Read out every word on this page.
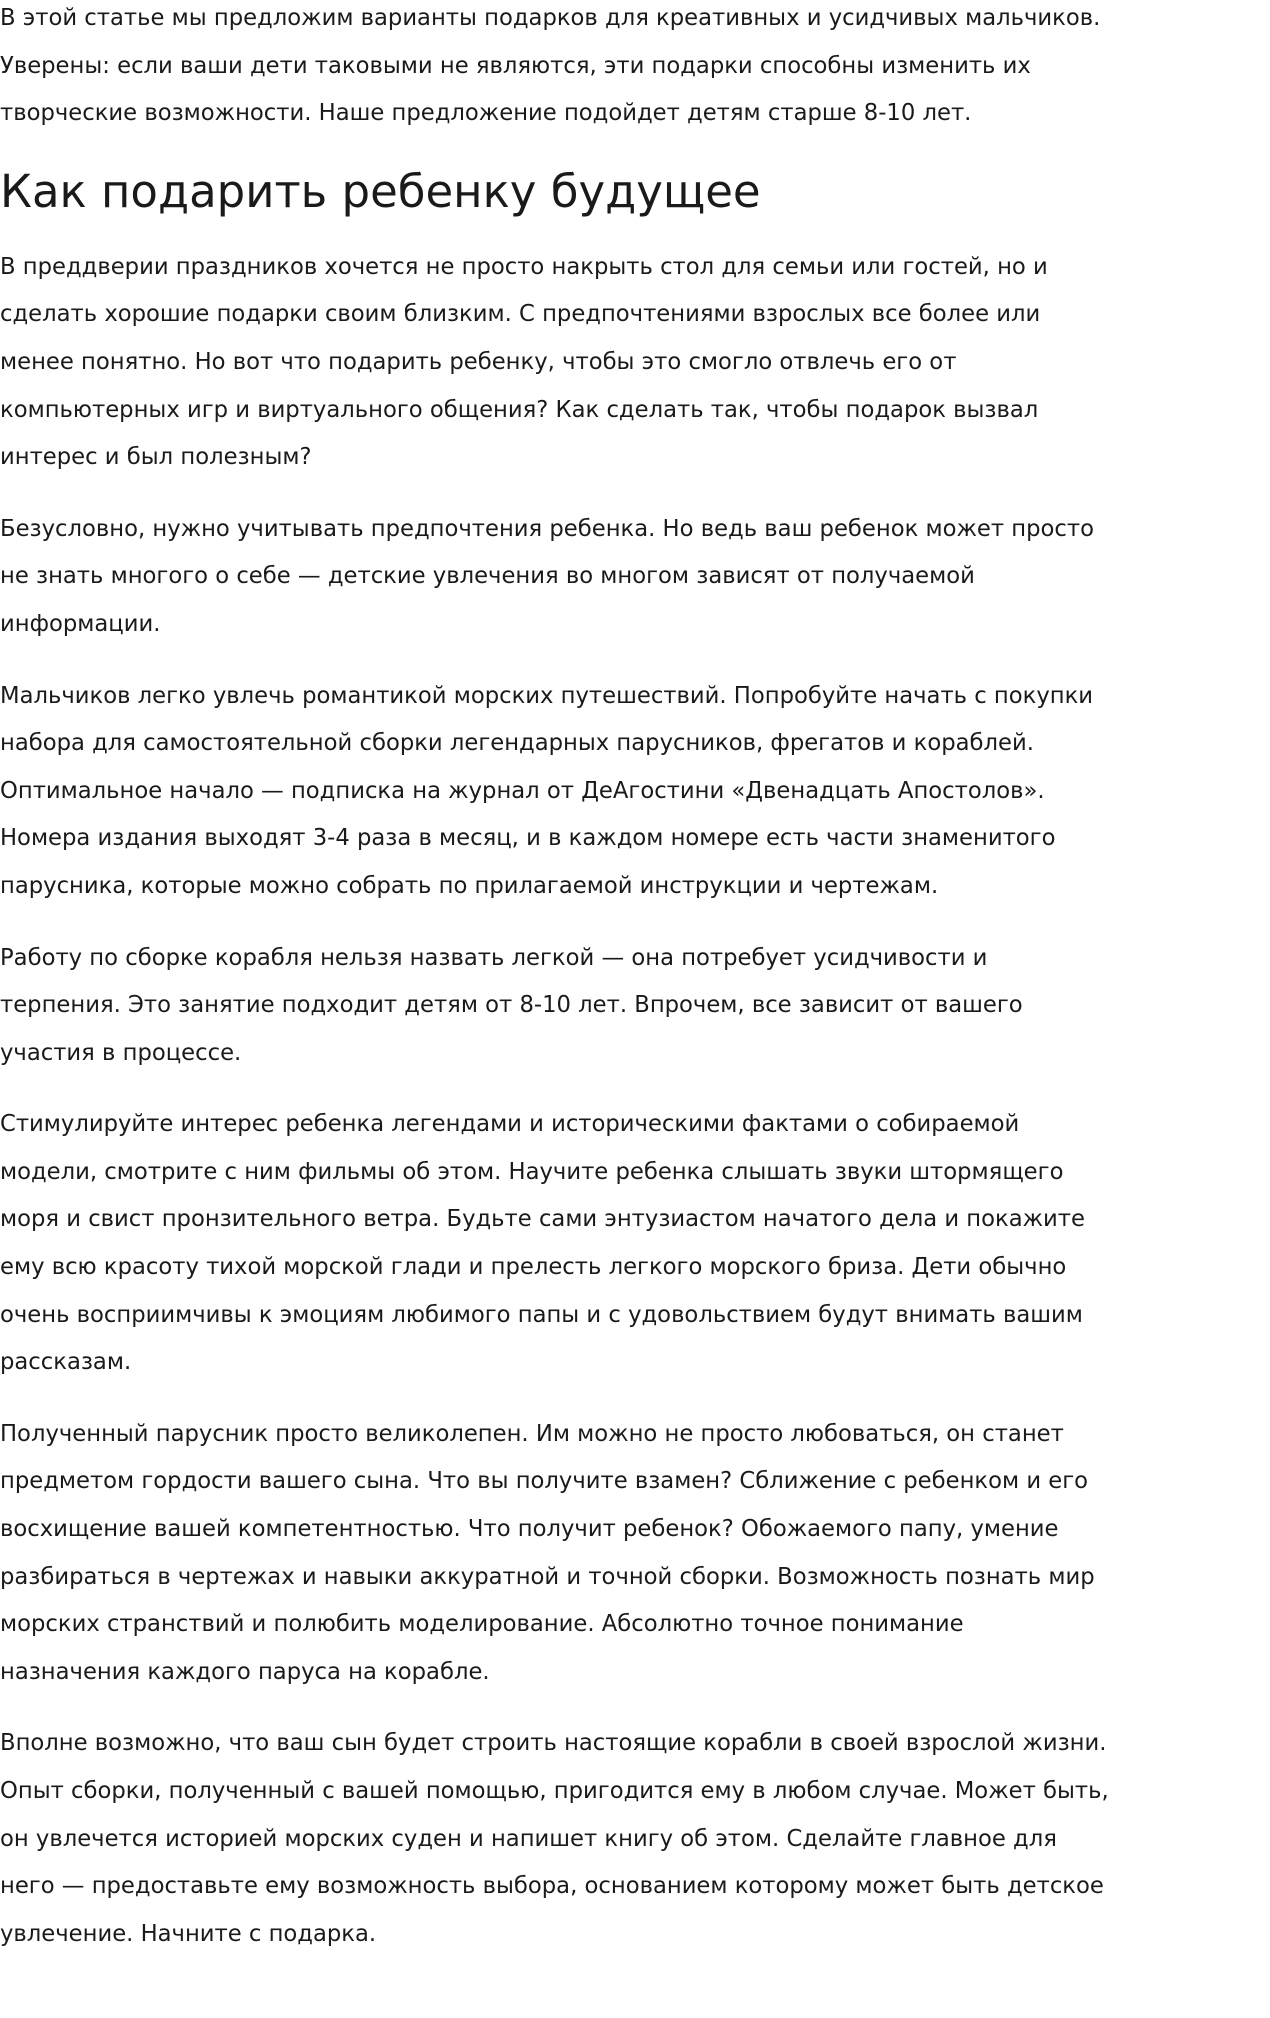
В этой статье мы предложим варианты подарков для креативных и усидчивых мальчиков.
Уверены: если ваши дети таковыми не являются, эти подарки способны изменить их
творческие возможности. Наше предложение подойдет детям старше 8-10 лет.

Как подарить ребенку будущее

В преддверии праздников хочется не просто накрыть стол для семьи или гостей, но и
сделать хорошие подарки своим близким. С предпочтениями взрослых все более или
менее понятно. Но вот что подарить ребенку, чтобы это смогло отвлечь его от
компьютерных игр и виртуального общения? Как сделать так, чтобы подарок вызвал
интерес и был полезным?

Безусловно, нужно учитывать предпочтения ребенка. Но ведь ваш ребенок может просто
не знать многого о себе — детские увлечения во многом зависят от получаемой
информации.

Мальчиков легко увлечь романтикой морских путешествий. Попробуйте начать с покупки
набора для самостоятельной сборки легендарных парусников, фрегатов и кораблей.
Оптимальное начало — подписка на журнал от ДеАгостини «Двенадцать Апостолов».
Номера издания выходят 3-4 раза в месяц, и в каждом номере есть части знаменитого
парусника, которые можно собрать по прилагаемой инструкции и чертежам.

Работу по сборке корабля нельзя назвать легкой — она потребует усидчивости и
терпения. Это занятие подходит детям от 8-10 лет. Впрочем, все зависит от вашего
участия в процессе.

Стимулируйте интерес ребенка легендами и историческими фактами о собираемой
модели, смотрите с ним фильмы об этом. Научите ребенка слышать звуки штормящего
моря и свист пронзительного ветра. Будьте сами энтузиастом начатого дела и покажите
ему всю красоту тихой морской глади и прелесть легкого морского бриза. Дети обычно
очень восприимчивы к эмоциям любимого папы и с удовольствием будут внимать вашим
рассказам.

Полученный парусник просто великолепен. Им можно не просто любоваться, он станет
предметом гордости вашего сына. Что вы получите взамен? Сближение с ребенком и его
восхищение вашей компетентностью. Что получит ребенок? Обожаемого папу, умение
разбираться в чертежах и навыки аккуратной и точной сборки. Возможность познать мир
морских странствий и полюбить моделирование. Абсолютно точное понимание
назначения каждого паруса на корабле.

Вполне возможно, что ваш сын будет строить настоящие корабли в своей взрослой жизни.
Опыт сборки, полученный с вашей помощью, пригодится ему в любом случае. Может быть,
он увлечется историей морских суден и напишет книгу об этом. Сделайте главное для
него — предоставьте ему возможность выбора, основанием которому может быть детское
увлечение. Начните с подарка.
